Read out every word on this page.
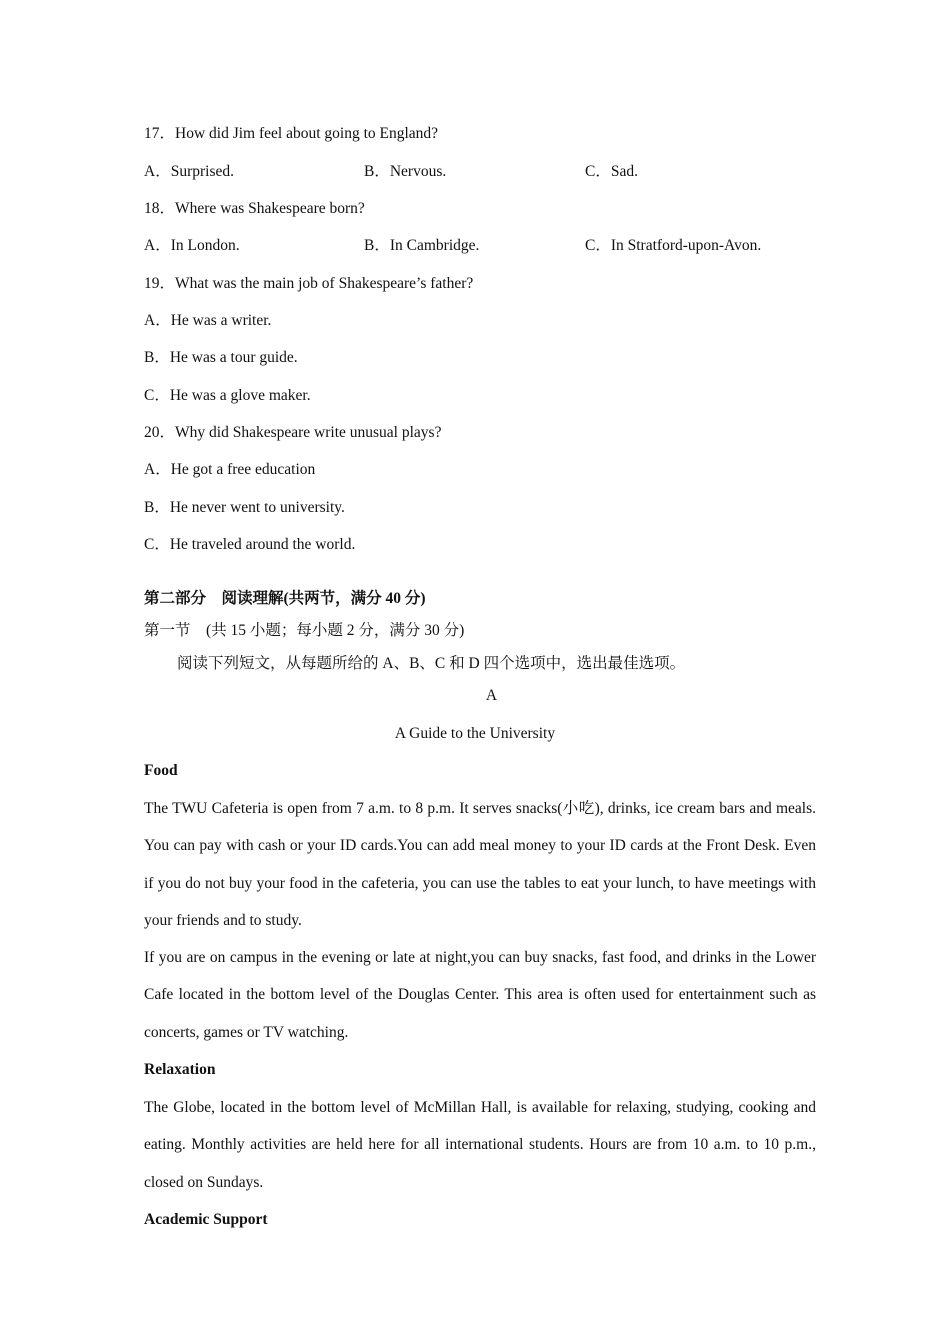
17．How did Jim feel about going to England?
A．Surprised.	B．Nervous.	C．Sad.
18．Where was Shakespeare born?
A．In London.	B．In Cambridge.	C．In Stratford-upon-Avon.
19．What was the main job of Shakespeare’s father?
A．He was a writer.
B．He was a tour guide.
C．He was a glove maker.
20．Why did Shakespeare write unusual plays?
A．He got a free education
B．He never went to university.
C．He traveled around the world.
第二部分　阅读理解(共两节，满分 40 分)
第一节　(共 15 小题；每小题 2 分，满分 30 分)
阅读下列短文，从每题所给的 A、B、C 和 D 四个选项中，选出最佳选项。
A
A Guide to the University
Food
The TWU Cafeteria is open from 7 a.m. to 8 p.m. It serves snacks(小吃), drinks, ice cream bars and meals. You can pay with cash or your ID cards.You can add meal money to your ID cards at the Front Desk. Even if you do not buy your food in the cafeteria, you can use the tables to eat your lunch, to have meetings with your friends and to study.
If you are on campus in the evening or late at night,you can buy snacks, fast food, and drinks in the Lower Cafe located in the bottom level of the Douglas Center. This area is often used for entertainment such as concerts, games or TV watching.
Relaxation
The Globe, located in the bottom level of McMillan Hall, is available for relaxing, studying, cooking and eating. Monthly activities are held here for all international students. Hours are from 10 a.m. to 10 p.m., closed on Sundays.
Academic Support
